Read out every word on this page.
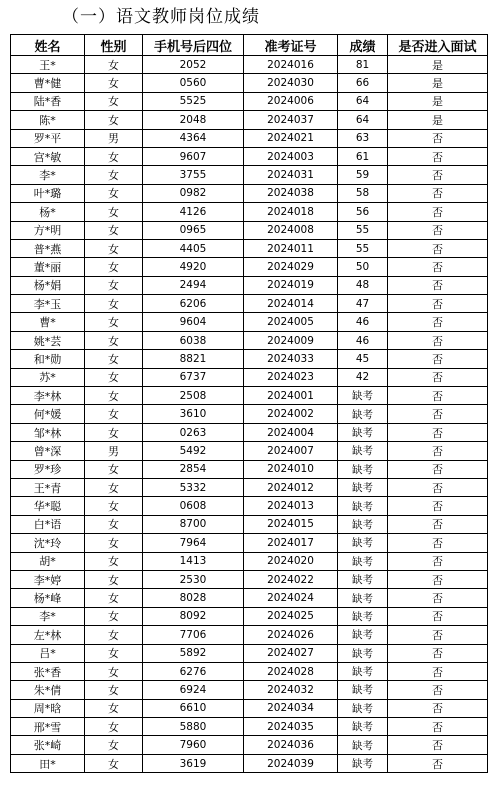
（一）语文教师岗位成绩
姓名	性别	手机号后四位	准考证号	成绩	是否进入面试
王*	女	2052	2024016	81	是
曹*健	女	0560	2024030	66	是
陆*香	女	5525	2024006	64	是
陈*	女	2048	2024037	64	是
罗*平	男	4364	2024021	63	否
宫*敏	女	9607	2024003	61	否
李*	女	3755	2024031	59	否
叶*璐	女	0982	2024038	58	否
杨*	女	4126	2024018	56	否
方*明	女	0965	2024008	55	否
普*燕	女	4405	2024011	55	否
董*丽	女	4920	2024029	50	否
杨*娟	女	2494	2024019	48	否
李*玉	女	6206	2024014	47	否
曹*	女	9604	2024005	46	否
姚*芸	女	6038	2024009	46	否
和*勋	女	8821	2024033	45	否
苏*	女	6737	2024023	42	否
李*林	女	2508	2024001	缺考	否
何*媛	女	3610	2024002	缺考	否
邹*林	女	0263	2024004	缺考	否
曾*深	男	5492	2024007	缺考	否
罗*珍	女	2854	2024010	缺考	否
王*青	女	5332	2024012	缺考	否
华*聪	女	0608	2024013	缺考	否
白*语	女	8700	2024015	缺考	否
沈*玲	女	7964	2024017	缺考	否
胡*	女	1413	2024020	缺考	否
李*婷	女	2530	2024022	缺考	否
杨*峰	女	8028	2024024	缺考	否
李*	女	8092	2024025	缺考	否
左*林	女	7706	2024026	缺考	否
吕*	女	5892	2024027	缺考	否
张*香	女	6276	2024028	缺考	否
朱*倩	女	6924	2024032	缺考	否
周*晗	女	6610	2024034	缺考	否
邢*雪	女	5880	2024035	缺考	否
张*崎	女	7960	2024036	缺考	否
田*	女	3619	2024039	缺考	否
